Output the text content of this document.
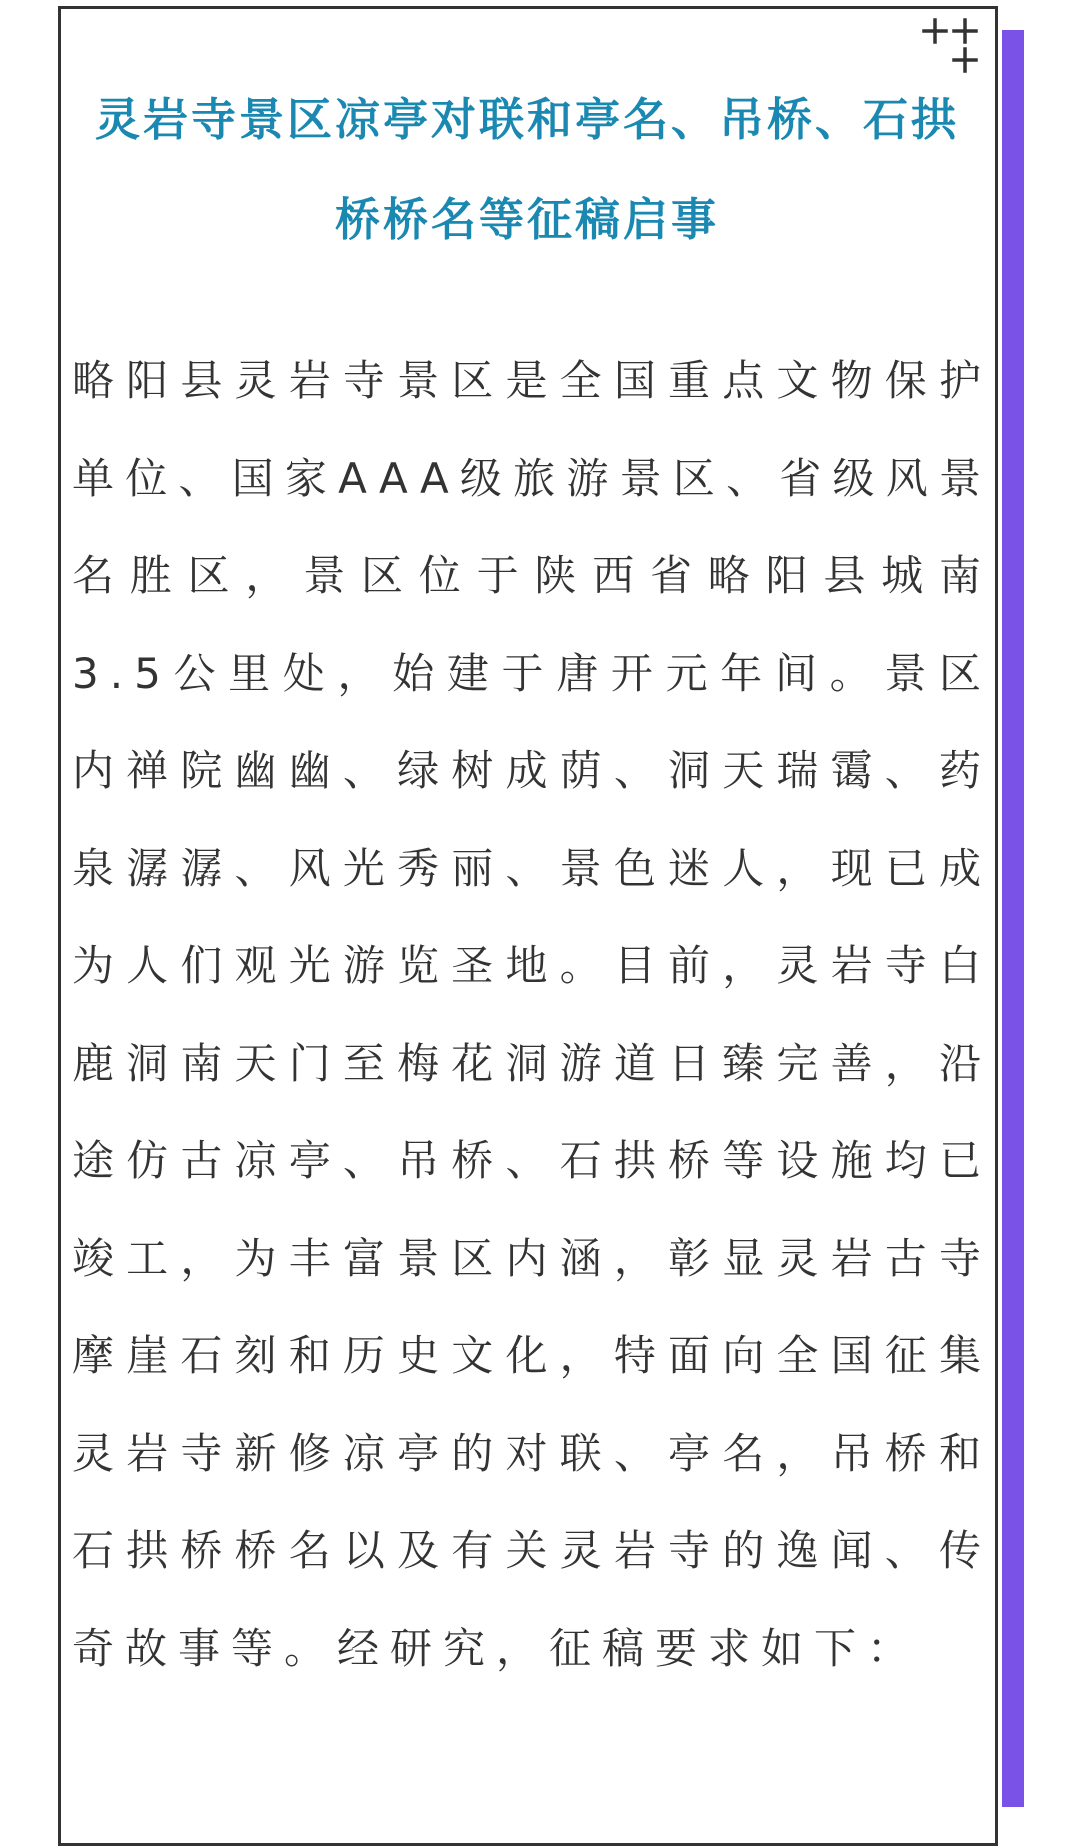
灵岩寺景区凉亭对联和亭名、吊桥、石拱桥桥名等征稿启事

略阳县灵岩寺景区是全国重点文物保护单位、国家AAA级旅游景区、省级风景名胜区，景区位于陕西省略阳县城南3.5公里处，始建于唐开元年间。景区内禅院幽幽、绿树成荫、洞天瑞霭、药泉潺潺、风光秀丽、景色迷人，现已成为人们观光游览圣地。目前，灵岩寺白鹿洞南天门至梅花洞游道日臻完善，沿途仿古凉亭、吊桥、石拱桥等设施均已竣工，为丰富景区内涵，彰显灵岩古寺摩崖石刻和历史文化，特面向全国征集灵岩寺新修凉亭的对联、亭名，吊桥和石拱桥桥名以及有关灵岩寺的逸闻、传奇故事等。经研究，征稿要求如下：
